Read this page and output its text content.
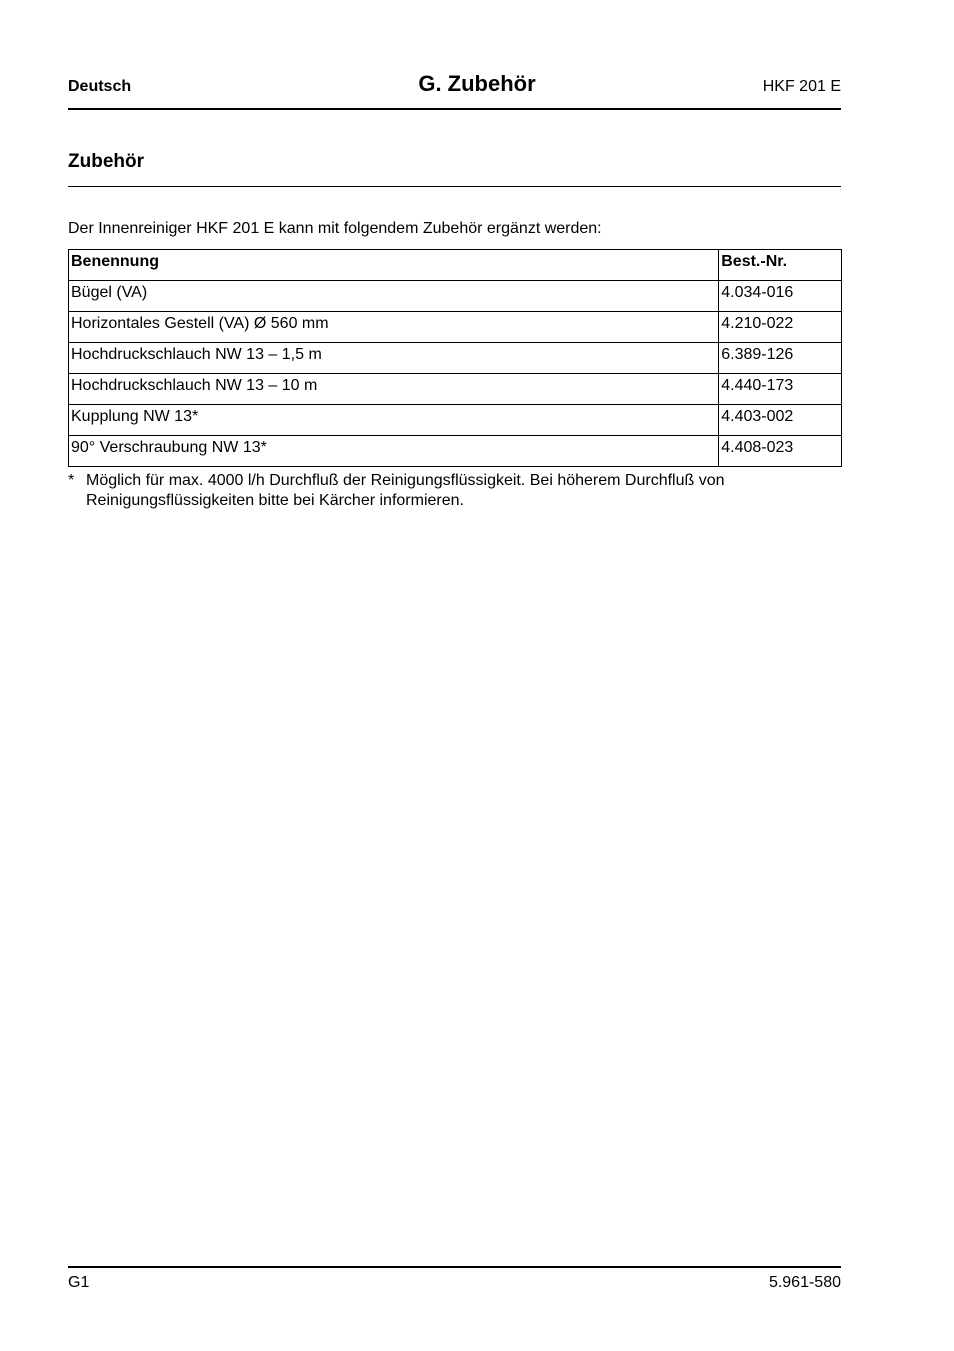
Deutsch	G. Zubehör	HKF 201 E
Zubehör
Der Innenreiniger HKF 201 E kann mit folgendem Zubehör ergänzt werden:
Benennung	Best.-Nr.
Bügel (VA)	4.034-016
Horizontales Gestell (VA) Ø 560 mm	4.210-022
Hochdruckschlauch NW 13 – 1,5 m	6.389-126
Hochdruckschlauch NW 13 – 10 m	4.440-173
Kupplung NW 13*	4.403-002
90° Verschraubung NW 13*	4.408-023
* Möglich für max. 4000 l/h Durchfluß der Reinigungsflüssigkeit. Bei höherem Durchfluß von Reinigungsflüssigkeiten bitte bei Kärcher informieren.
G1	5.961-580
